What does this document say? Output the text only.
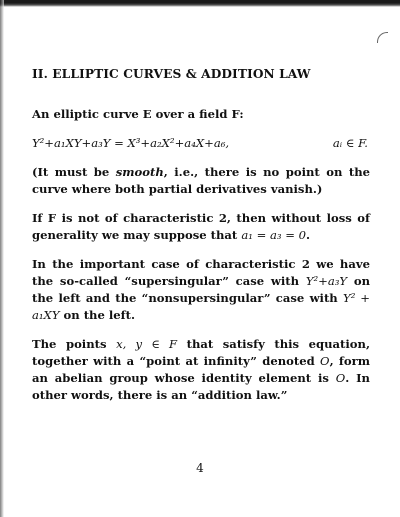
II. ELLIPTIC CURVES & ADDITION LAW
An elliptic curve E over a field F:
Y²+a₁XY+a₃Y = X³+a₂X²+a₄X+a₆,	aᵢ ∈ F.
(It must be smooth, i.e., there is no point on the curve where both partial derivatives vanish.)
If F is not of characteristic 2, then without loss of generality we may suppose that a₁ = a₃ = 0.
In the important case of characteristic 2 we have the so-called “supersingular” case with Y²+a₃Y on the left and the “nonsupersingular” case with Y² + a₁XY on the left.
The points x, y ∈ F that satisfy this equation, together with a “point at infinity” denoted O, form an abelian group whose identity element is O. In other words, there is an “addition law.”
4
